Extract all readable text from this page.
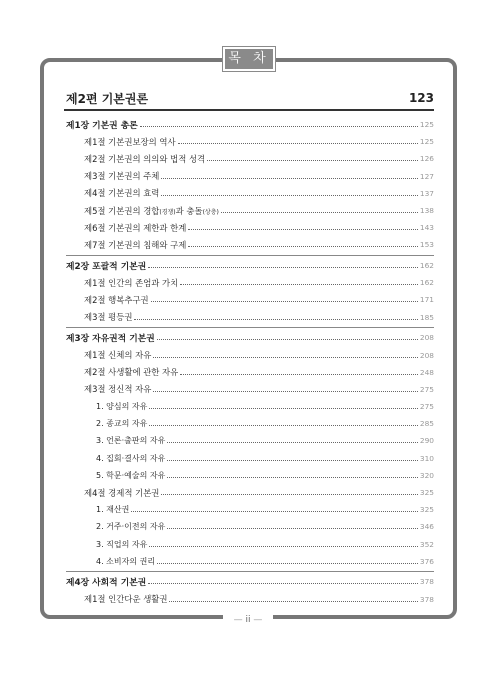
목 차
제2편 기본권론	123
제1장 기본권 총론	125
제1절 기본권보장의 역사	125
제2절 기본권의 의의와 법적 성격	126
제3절 기본권의 주체	127
제4절 기본권의 효력	137
제5절 기본권의 경합(경쟁)과 충돌(상충)	138
제6절 기본권의 제한과 한계	143
제7절 기본권의 침해와 구제	153
제2장 포괄적 기본권	162
제1절 인간의 존엄과 가치	162
제2절 행복추구권	171
제3절 평등권	185
제3장 자유권적 기본권	208
제1절 신체의 자유	208
제2절 사생활에 관한 자유	248
제3절 정신적 자유	275
1. 양심의 자유	275
2. 종교의 자유	285
3. 언론·출판의 자유	290
4. 집회·결사의 자유	310
5. 학문·예술의 자유	320
제4절 경제적 기본권	325
1. 재산권	325
2. 거주·이전의 자유	346
3. 직업의 자유	352
4. 소비자의 권리	376
제4장 사회적 기본권	378
제1절 인간다운 생활권	378
— ii —
